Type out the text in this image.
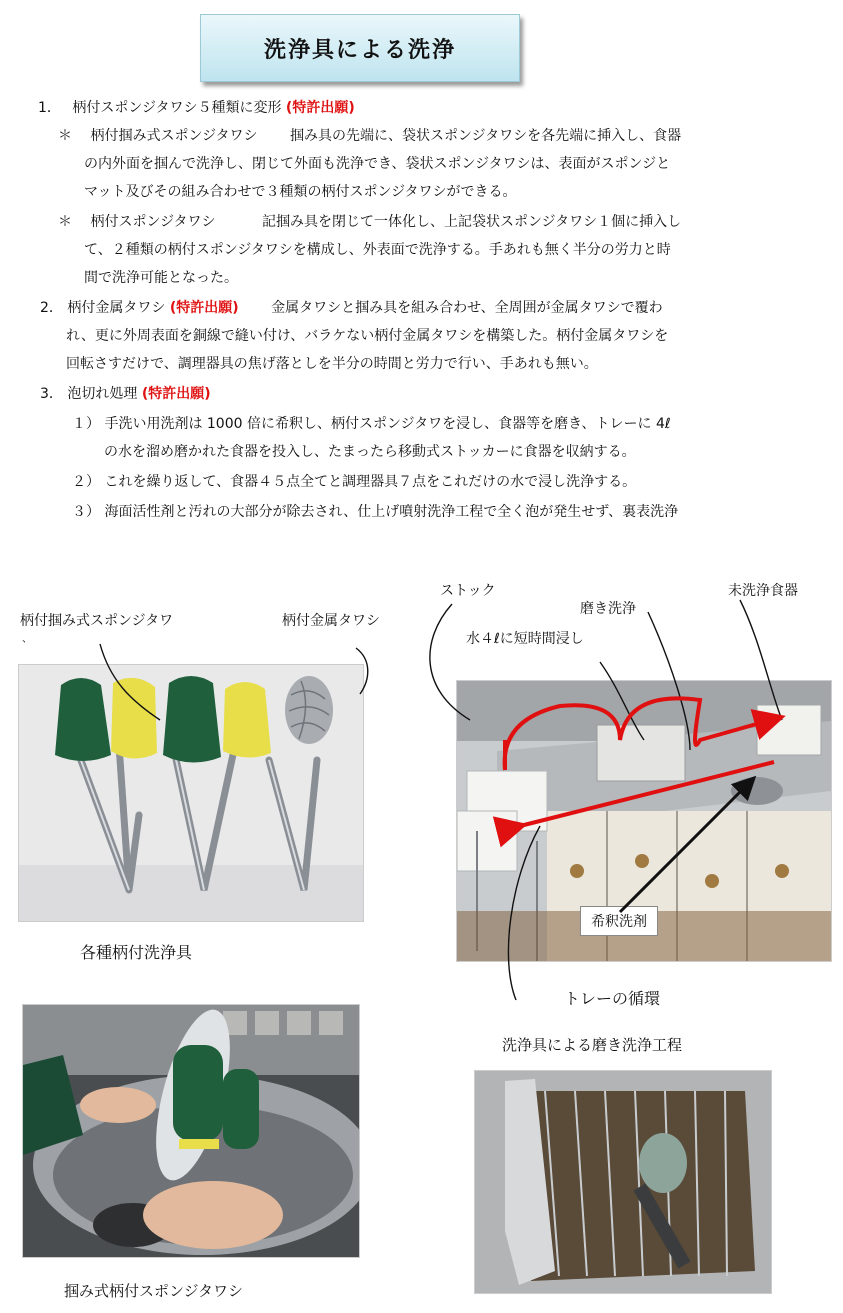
洗浄具による洗浄
1．　 柄付スポンジタワシ５種類に変形 (特許出願)
＊　 柄付掴み式スポンジタワシ　　 掴み具の先端に、袋状スポンジタワシを各先端に挿入し、食器
の内外面を掴んで洗浄し、閉じて外面も洗浄でき、袋状スポンジタワシは、表面がスポンジと
マット及びその組み合わせで３種類の柄付スポンジタワシができる。
＊　 柄付スポンジタワシ　　　	記掴み具を閉じて一体化し、上記袋状スポンジタワシ１個に挿入し
て、２種類の柄付スポンジタワシを構成し、外表面で洗浄する。手あれも無く半分の労力と時
間で洗浄可能となった。
2． 柄付金属タワシ (特許出願)　　 金属タワシと掴み具を組み合わせ、全周囲が金属タワシで覆わ
れ、更に外周表面を銅線で縫い付け、バラケない柄付金属タワシを構築した。柄付金属タワシを
回転さすだけで、調理器具の焦げ落としを半分の時間と労力で行い、手あれも無い。
3． 泡切れ処理 (特許出願)
１） 手洗い用洗剤は 1000 倍に希釈し、柄付スポンジタワを浸し、食器等を磨き、トレーに 4ℓ
の水を溜め磨かれた食器を投入し、たまったら移動式ストッカーに食器を収納する。
２） これを繰り返して、食器４５点全てと調理器具７点をこれだけの水で浸し洗浄する。
３） 海面活性剤と汚れの大部分が除去され、仕上げ噴射洗浄工程で全く泡が発生せず、裏表洗浄
柄付掴み式スポンジタワ
、
柄付金属タワシ
各種柄付洗浄具
掴み式柄付スポンジタワシ
ストック
磨き洗浄
未洗浄食器
水４ℓに短時間浸し
希釈洗剤
トレーの循環
洗浄具による磨き洗浄工程
